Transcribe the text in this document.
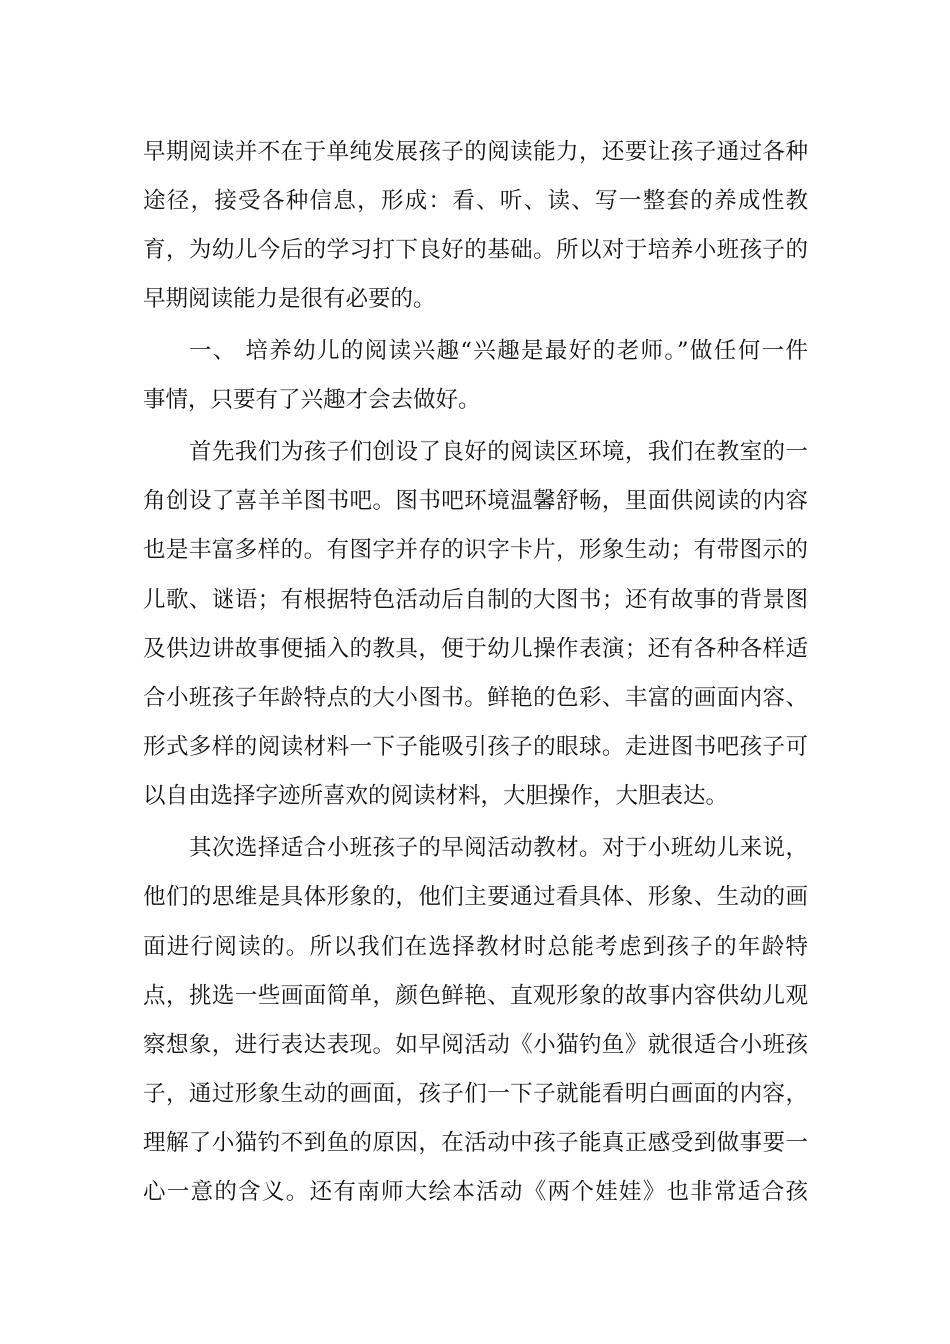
早期阅读并不在于单纯发展孩子的阅读能力，还要让孩子通过各种
途径，接受各种信息，形成：看、听、读、写一整套的养成性教
育，为幼儿今后的学习打下良好的基础。所以对于培养小班孩子的
早期阅读能力是很有必要的。
一、 培养幼儿的阅读兴趣“兴趣是最好的老师。”做任何一件
事情，只要有了兴趣才会去做好。
首先我们为孩子们创设了良好的阅读区环境，我们在教室的一
角创设了喜羊羊图书吧。图书吧环境温馨舒畅，里面供阅读的内容
也是丰富多样的。有图字并存的识字卡片，形象生动；有带图示的
儿歌、谜语；有根据特色活动后自制的大图书；还有故事的背景图
及供边讲故事便插入的教具，便于幼儿操作表演；还有各种各样适
合小班孩子年龄特点的大小图书。鲜艳的色彩、丰富的画面内容、
形式多样的阅读材料一下子能吸引孩子的眼球。走进图书吧孩子可
以自由选择字迹所喜欢的阅读材料，大胆操作，大胆表达。
其次选择适合小班孩子的早阅活动教材。对于小班幼儿来说，
他们的思维是具体形象的，他们主要通过看具体、形象、生动的画
面进行阅读的。所以我们在选择教材时总能考虑到孩子的年龄特
点，挑选一些画面简单，颜色鲜艳、直观形象的故事内容供幼儿观
察想象，进行表达表现。如早阅活动《小猫钓鱼》就很适合小班孩
子，通过形象生动的画面，孩子们一下子就能看明白画面的内容，
理解了小猫钓不到鱼的原因，在活动中孩子能真正感受到做事要一
心一意的含义。还有南师大绘本活动《两个娃娃》也非常适合孩
